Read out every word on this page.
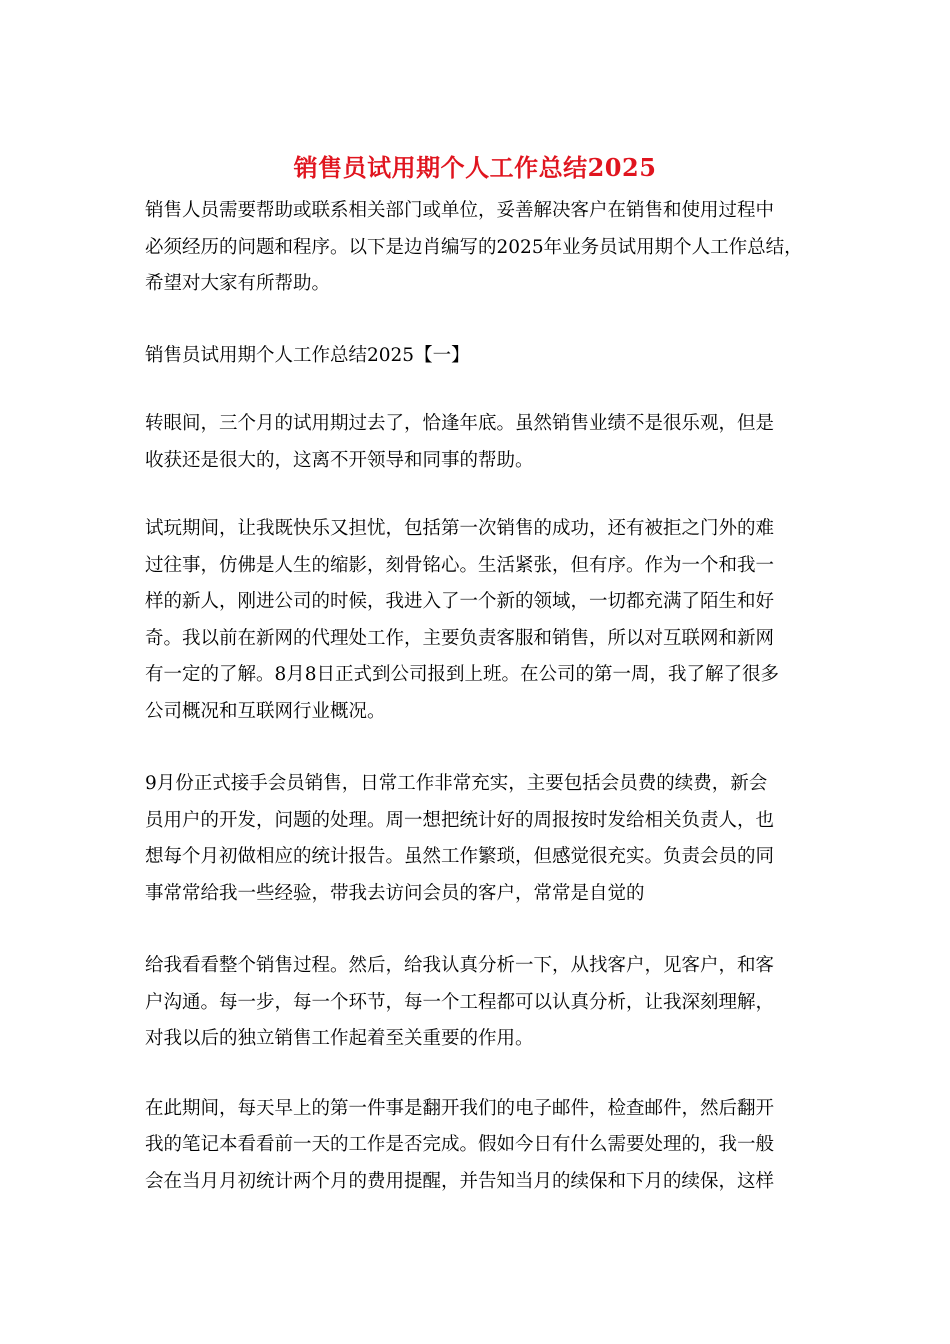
销售员试用期个人工作总结2025
销售人员需要帮助或联系相关部门或单位，妥善解决客户在销售和使用过程中
必须经历的问题和程序。以下是边肖编写的2025年业务员试用期个人工作总结，
希望对大家有所帮助。
销售员试用期个人工作总结2025【一】
转眼间，三个月的试用期过去了，恰逢年底。虽然销售业绩不是很乐观，但是
收获还是很大的，这离不开领导和同事的帮助。
试玩期间，让我既快乐又担忧，包括第一次销售的成功，还有被拒之门外的难
过往事，仿佛是人生的缩影，刻骨铭心。生活紧张，但有序。作为一个和我一
样的新人，刚进公司的时候，我进入了一个新的领域，一切都充满了陌生和好
奇。我以前在新网的代理处工作，主要负责客服和销售，所以对互联网和新网
有一定的了解。8月8日正式到公司报到上班。在公司的第一周，我了解了很多
公司概况和互联网行业概况。
9月份正式接手会员销售，日常工作非常充实，主要包括会员费的续费，新会
员用户的开发，问题的处理。周一想把统计好的周报按时发给相关负责人，也
想每个月初做相应的统计报告。虽然工作繁琐，但感觉很充实。负责会员的同
事常常给我一些经验，带我去访问会员的客户，常常是自觉的
给我看看整个销售过程。然后，给我认真分析一下，从找客户，见客户，和客
户沟通。每一步，每一个环节，每一个工程都可以认真分析，让我深刻理解，
对我以后的独立销售工作起着至关重要的作用。
在此期间，每天早上的第一件事是翻开我们的电子邮件，检查邮件，然后翻开
我的笔记本看看前一天的工作是否完成。假如今日有什么需要处理的，我一般
会在当月月初统计两个月的费用提醒，并告知当月的续保和下月的续保，这样
